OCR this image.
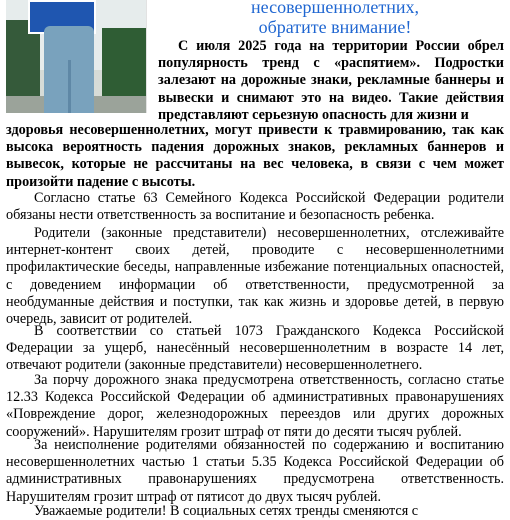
несовершеннолетних,
обратите внимание!

С июля 2025 года на территории России обрел популярность тренд с «распятием». Подростки залезают на дорожные знаки, рекламные баннеры и вывески и снимают это на видео. Такие действия представляют серьезную опасность для жизни и

здоровья несовершеннолетних, могут привести к травмированию, так как высока вероятность падения дорожных знаков, рекламных баннеров и вывесок, которые не рассчитаны на вес человека, в связи с чем может произойти падение с высоты.

Согласно статье 63 Семейного Кодекса Российской Федерации родители обязаны нести ответственность за воспитание и безопасность ребенка.

Родители (законные представители) несовершеннолетних, отслеживайте интернет-контент своих детей, проводите с несовершеннолетними профилактические беседы, направленные избежание потенциальных опасностей, с доведением информации об ответственности, предусмотренной за необдуманные действия и поступки, так как жизнь и здоровье детей, в первую очередь, зависит от родителей.

В соответствии со статьей 1073 Гражданского Кодекса Российской Федерации за ущерб, нанесённый несовершеннолетним в возрасте 14 лет, отвечают родители (законные представители) несовершеннолетнего.

За порчу дорожного знака предусмотрена ответственность, согласно статье 12.33 Кодекса Российской Федерации об административных правонарушениях «Повреждение дорог, железнодорожных переездов или других дорожных сооружений». Нарушителям грозит штраф от пяти до десяти тысяч рублей.

За неисполнение родителями обязанностей по содержанию и воспитанию несовершеннолетних частью 1 статьи 5.35 Кодекса Российской Федерации об административных правонарушениях предусмотрена ответственность. Нарушителям грозит штраф от пятисот до двух тысяч рублей.

Уважаемые родители! В социальных сетях тренды сменяются с
